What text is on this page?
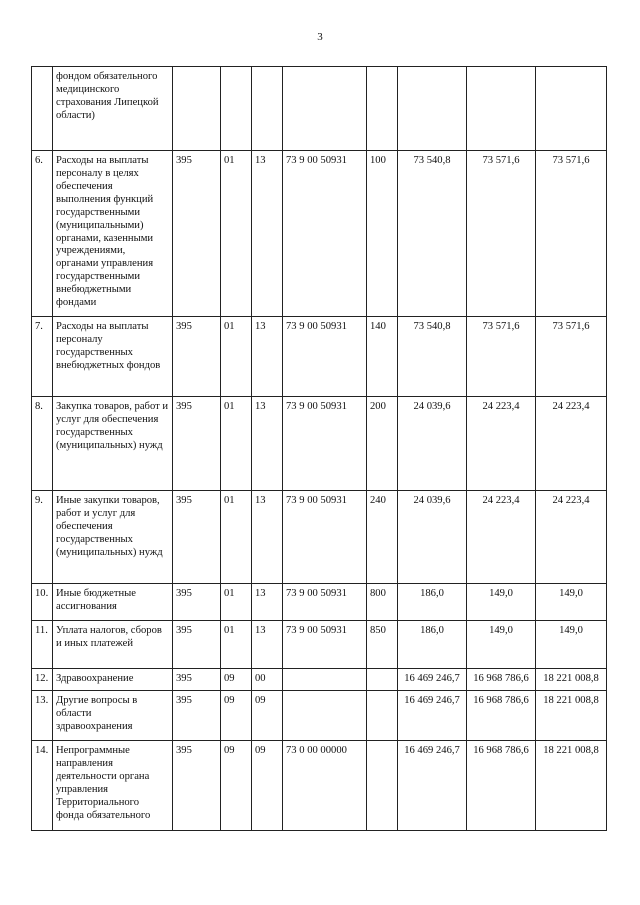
3
	фондом обязательного медицинского страхования Липецкой области)								
6.	Расходы на выплаты персоналу в целях обеспечения выполнения функций государственными (муниципальными) органами, казенными учреждениями, органами управления государственными внебюджетными фондами	395	01	13	73 9 00 50931	100	73 540,8	73 571,6	73 571,6
7.	Расходы на выплаты персоналу государственных внебюджетных фондов	395	01	13	73 9 00 50931	140	73 540,8	73 571,6	73 571,6
8.	Закупка товаров, работ и услуг для обеспечения государственных (муниципальных) нужд	395	01	13	73 9 00 50931	200	24 039,6	24 223,4	24 223,4
9.	Иные закупки товаров, работ и услуг для обеспечения государственных (муниципальных) нужд	395	01	13	73 9 00 50931	240	24 039,6	24 223,4	24 223,4
10.	Иные бюджетные ассигнования	395	01	13	73 9 00 50931	800	186,0	149,0	149,0
11.	Уплата налогов, сборов и иных платежей	395	01	13	73 9 00 50931	850	186,0	149,0	149,0
12.	Здравоохранение	395	09	00			16 469 246,7	16 968 786,6	18 221 008,8
13.	Другие вопросы в области здравоохранения	395	09	09			16 469 246,7	16 968 786,6	18 221 008,8
14.	Непрограммные направления деятельности органа управления Территориального фонда обязательного	395	09	09	73 0 00 00000		16 469 246,7	16 968 786,6	18 221 008,8
